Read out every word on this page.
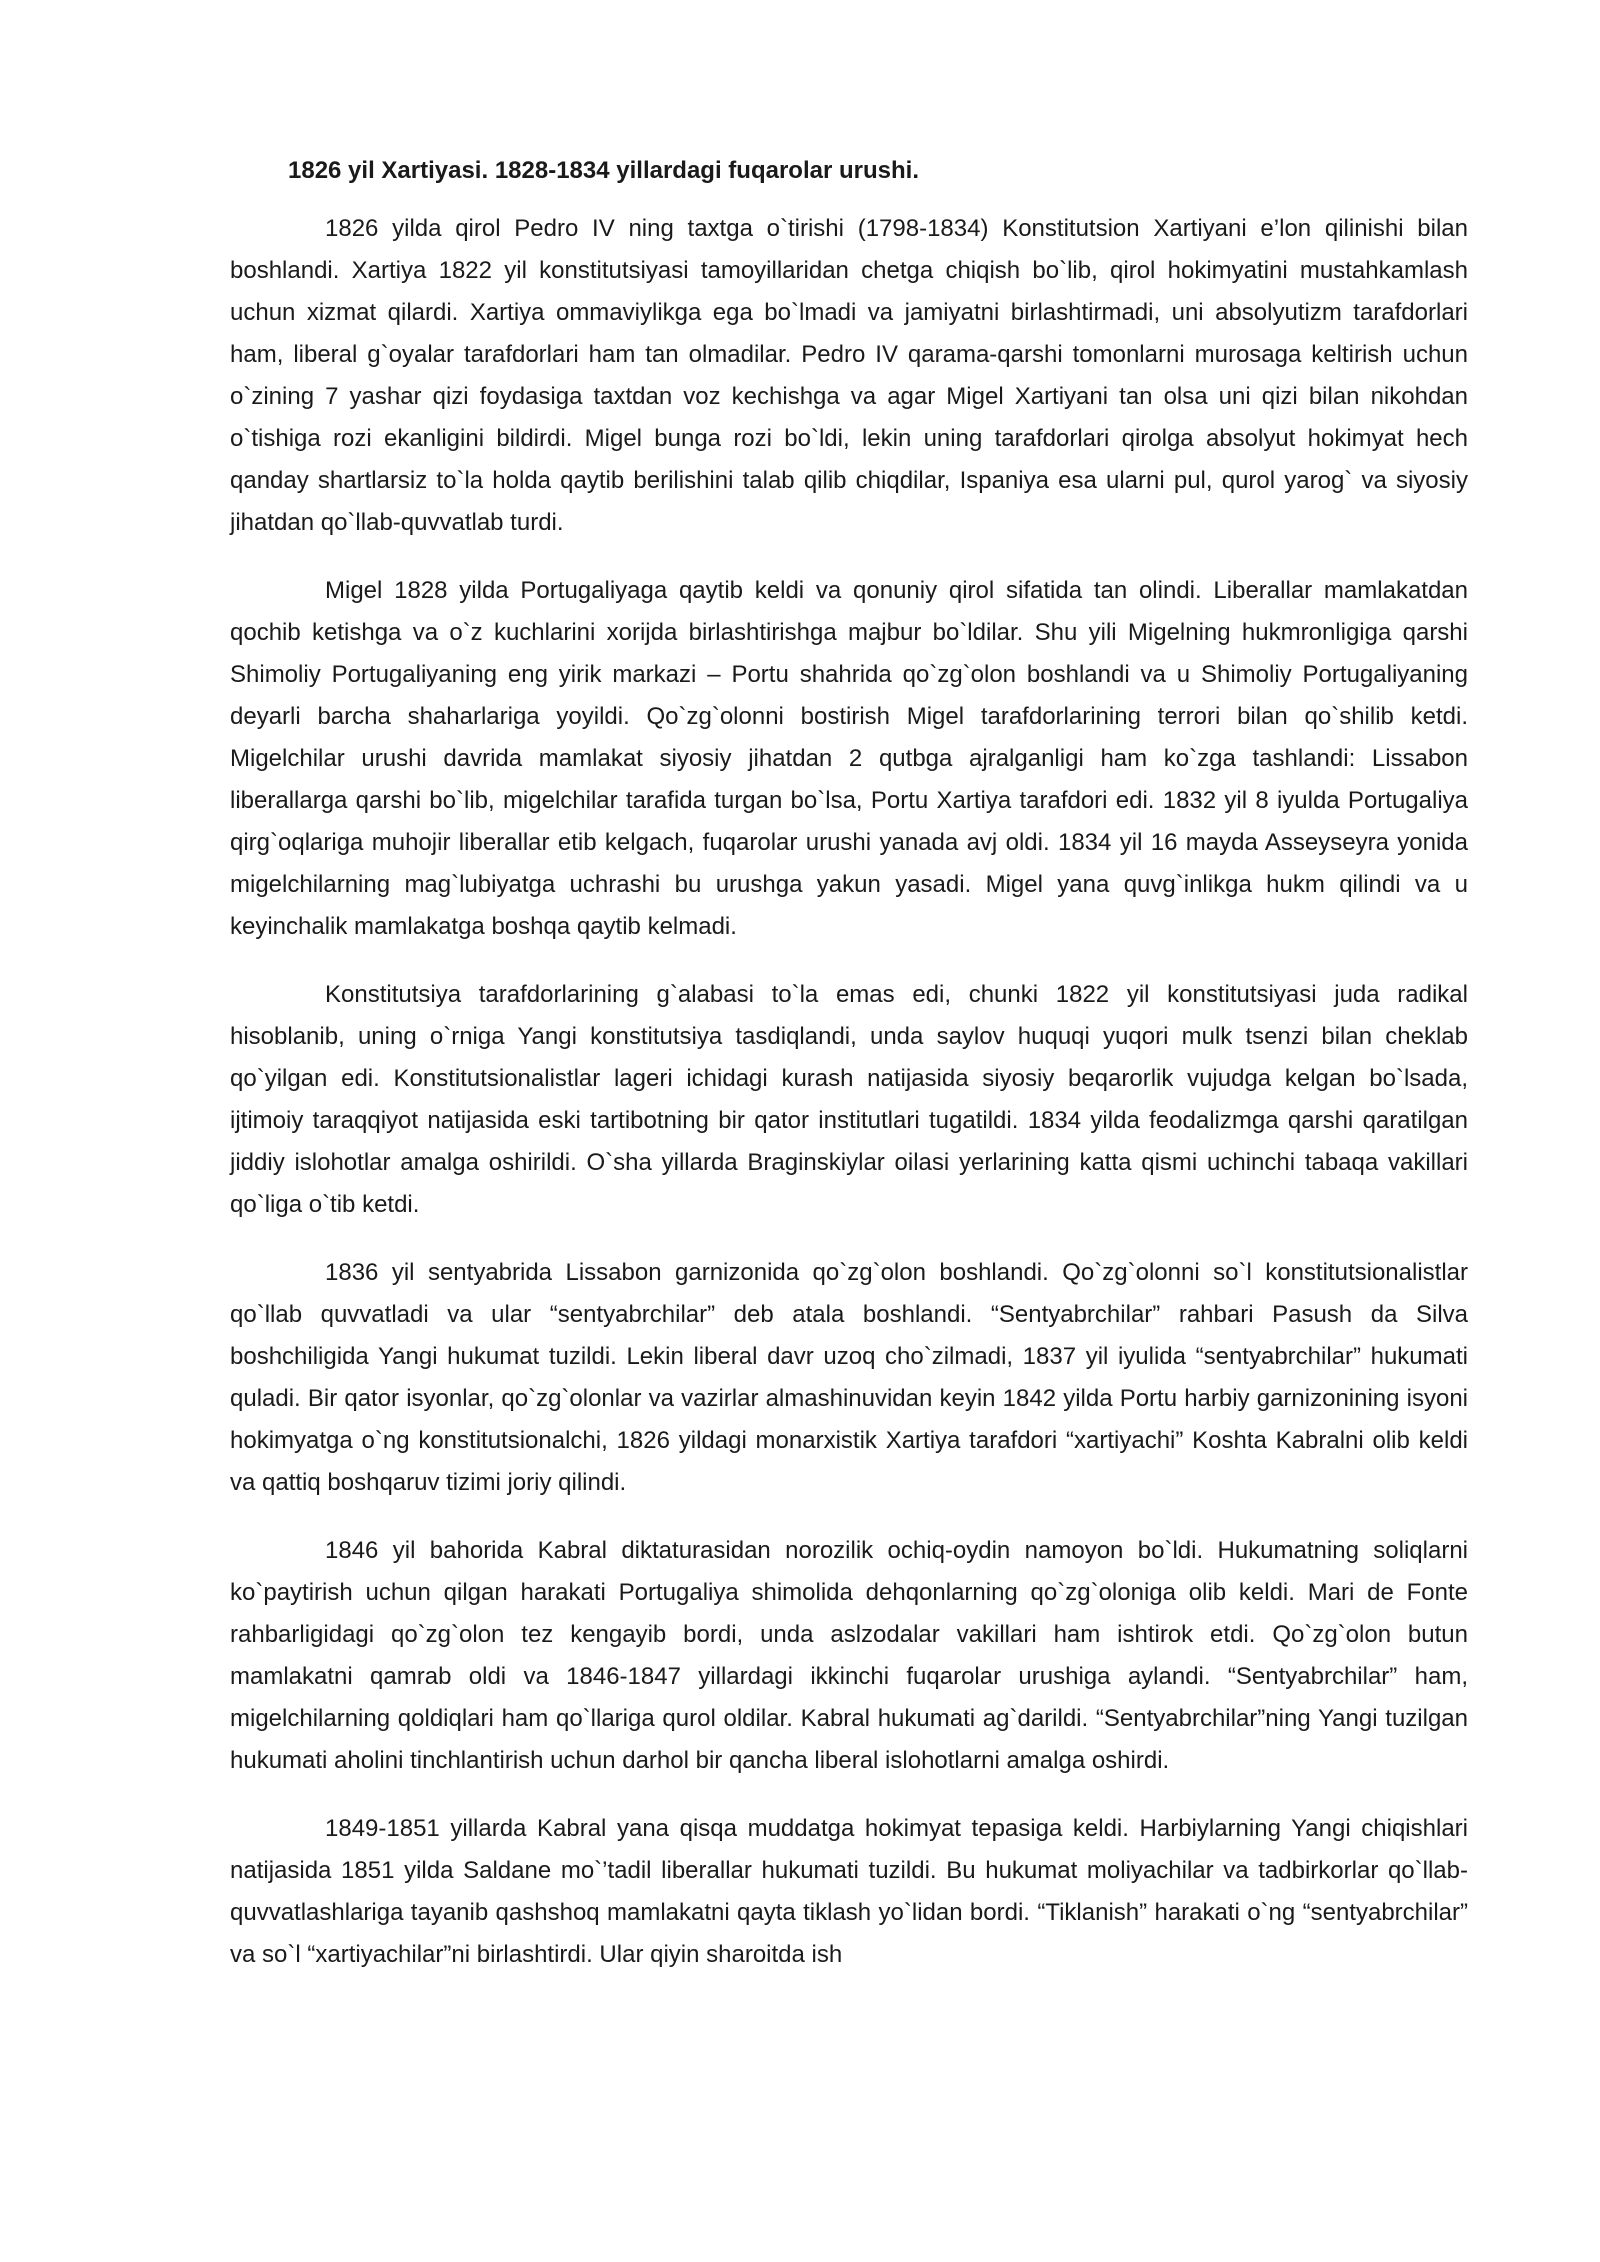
1826 yil Xartiyasi. 1828-1834 yillardagi fuqarolar urushi.

1826 yilda qirol Pedro IV ning taxtga o`tirishi (1798-1834) Konstitutsion Xartiyani e’lon qilinishi bilan boshlandi. Xartiya 1822 yil konstitutsiyasi tamoyillaridan chetga chiqish bo`lib, qirol hokimyatini mustahkamlash uchun xizmat qilardi. Xartiya ommaviylikga ega bo`lmadi va jamiyatni birlashtirmadi, uni absolyutizm tarafdorlari ham, liberal g`oyalar tarafdorlari ham tan olmadilar. Pedro IV qarama-qarshi tomonlarni murosaga keltirish uchun o`zining 7 yashar qizi foydasiga taxtdan voz kechishga va agar Migel Xartiyani tan olsa uni qizi bilan nikohdan o`tishiga rozi ekanligini bildirdi. Migel bunga rozi bo`ldi, lekin uning tarafdorlari qirolga absolyut hokimyat hech qanday shartlarsiz to`la holda qaytib berilishini talab qilib chiqdilar, Ispaniya esa ularni pul, qurol yarog` va siyosiy jihatdan qo`llab-quvvatlab turdi.

Migel 1828 yilda Portugaliyaga qaytib keldi va qonuniy qirol sifatida tan olindi. Liberallar mamlakatdan qochib ketishga va o`z kuchlarini xorijda birlashtirishga majbur bo`ldilar. Shu yili Migelning hukmronligiga qarshi Shimoliy Portugaliyaning eng yirik markazi – Portu shahrida qo`zg`olon boshlandi va u Shimoliy Portugaliyaning deyarli barcha shaharlariga yoyildi. Qo`zg`olonni bostirish Migel tarafdorlarining terrori bilan qo`shilib ketdi. Migelchilar urushi davrida mamlakat siyosiy jihatdan 2 qutbga ajralganligi ham ko`zga tashlandi: Lissabon liberallarga qarshi bo`lib, migelchilar tarafida turgan bo`lsa, Portu Xartiya tarafdori edi. 1832 yil 8 iyulda Portugaliya qirg`oqlariga muhojir liberallar etib kelgach, fuqarolar urushi yanada avj oldi. 1834 yil 16 mayda Asseyseyra yonida migelchilarning mag`lubiyatga uchrashi bu urushga yakun yasadi. Migel yana quvg`inlikga hukm qilindi va u keyinchalik mamlakatga boshqa qaytib kelmadi.

Konstitutsiya tarafdorlarining g`alabasi to`la emas edi, chunki 1822 yil konstitutsiyasi juda radikal hisoblanib, uning o`rniga Yangi konstitutsiya tasdiqlandi, unda saylov huquqi yuqori mulk tsenzi bilan cheklab qo`yilgan edi. Konstitutsionalistlar lageri ichidagi kurash natijasida siyosiy beqarorlik vujudga kelgan bo`lsada, ijtimoiy taraqqiyot natijasida eski tartibotning bir qator institutlari tugatildi. 1834 yilda feodalizmga qarshi qaratilgan jiddiy islohotlar amalga oshirildi. O`sha yillarda Braginskiylar oilasi yerlarining katta qismi uchinchi tabaqa vakillari qo`liga o`tib ketdi.

1836 yil sentyabrida Lissabon garnizonida qo`zg`olon boshlandi. Qo`zg`olonni so`l konstitutsionalistlar qo`llab quvvatladi va ular “sentyabrchilar” deb atala boshlandi. “Sentyabrchilar” rahbari Pasush da Silva boshchiligida Yangi hukumat tuzildi. Lekin liberal davr uzoq cho`zilmadi, 1837 yil iyulida “sentyabrchilar” hukumati quladi. Bir qator isyonlar, qo`zg`olonlar va vazirlar almashinuvidan keyin 1842 yilda Portu harbiy garnizonining isyoni hokimyatga o`ng konstitutsionalchi, 1826 yildagi monarxistik Xartiya tarafdori “xartiyachi” Koshta Kabralni olib keldi va qattiq boshqaruv tizimi joriy qilindi.

1846 yil bahorida Kabral diktaturasidan norozilik ochiq-oydin namoyon bo`ldi. Hukumatning soliqlarni ko`paytirish uchun qilgan harakati Portugaliya shimolida dehqonlarning qo`zg`oloniga olib keldi. Mari de Fonte rahbarligidagi qo`zg`olon tez kengayib bordi, unda aslzodalar vakillari ham ishtirok etdi. Qo`zg`olon butun mamlakatni qamrab oldi va 1846-1847 yillardagi ikkinchi fuqarolar urushiga aylandi. “Sentyabrchilar” ham, migelchilarning qoldiqlari ham qo`llariga qurol oldilar. Kabral hukumati ag`darildi. “Sentyabrchilar”ning Yangi tuzilgan hukumati aholini tinchlantirish uchun darhol bir qancha liberal islohotlarni amalga oshirdi.

1849-1851 yillarda Kabral yana qisqa muddatga hokimyat tepasiga keldi. Harbiylarning Yangi chiqishlari natijasida 1851 yilda Saldane mo`’tadil liberallar hukumati tuzildi. Bu hukumat moliyachilar va tadbirkorlar qo`llab-quvvatlashlariga tayanib qashshoq mamlakatni qayta tiklash yo`lidan bordi. “Tiklanish” harakati o`ng “sentyabrchilar” va so`l “xartiyachilar”ni birlashtirdi. Ular qiyin sharoitda ish
